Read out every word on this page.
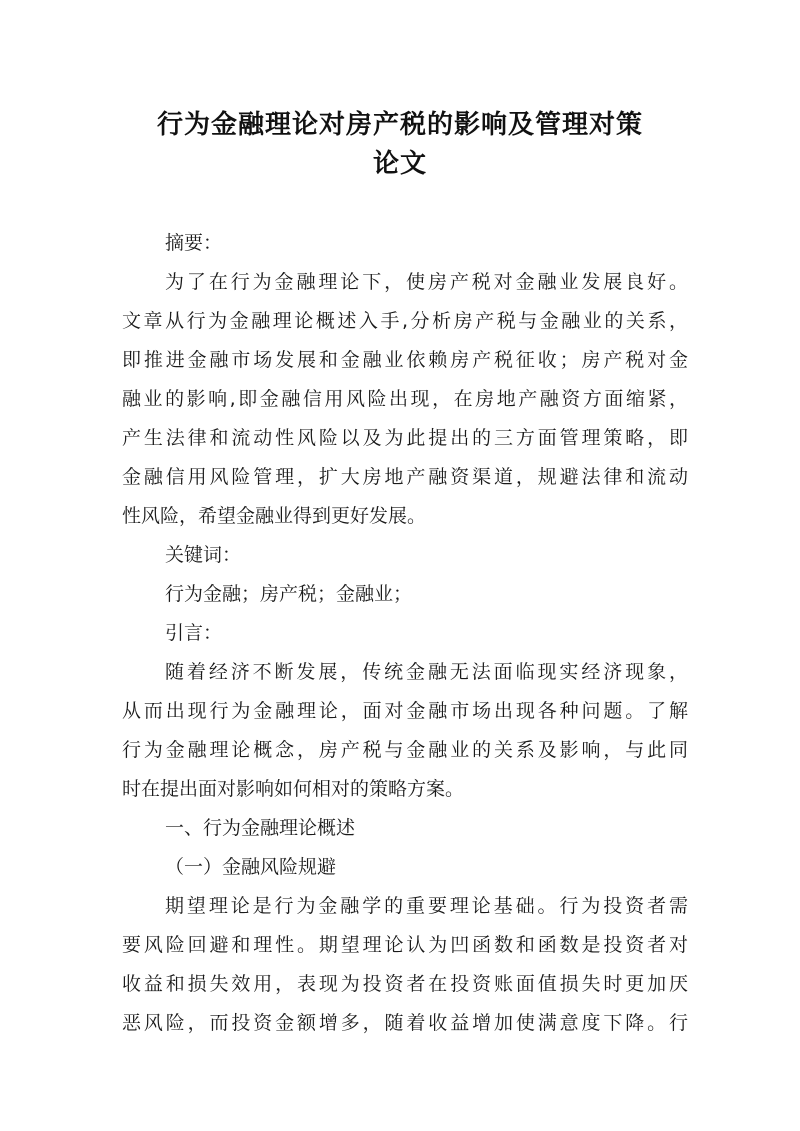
行为金融理论对房产税的影响及管理对策
论文
摘要：
为了在行为金融理论下，使房产税对金融业发展良好。
文章从行为金融理论概述入手,分析房产税与金融业的关系，
即推进金融市场发展和金融业依赖房产税征收；房产税对金
融业的影响,即金融信用风险出现，在房地产融资方面缩紧，
产生法律和流动性风险以及为此提出的三方面管理策略，即
金融信用风险管理，扩大房地产融资渠道，规避法律和流动
性风险，希望金融业得到更好发展。
关键词：
行为金融；房产税；金融业；
引言：
随着经济不断发展，传统金融无法面临现实经济现象，
从而出现行为金融理论，面对金融市场出现各种问题。了解
行为金融理论概念，房产税与金融业的关系及影响，与此同
时在提出面对影响如何相对的策略方案。
一、行为金融理论概述
（一）金融风险规避
期望理论是行为金融学的重要理论基础。行为投资者需
要风险回避和理性。期望理论认为凹函数和函数是投资者对
收益和损失效用，表现为投资者在投资账面值损失时更加厌
恶风险，而投资金额增多，随着收益增加使满意度下降。行
